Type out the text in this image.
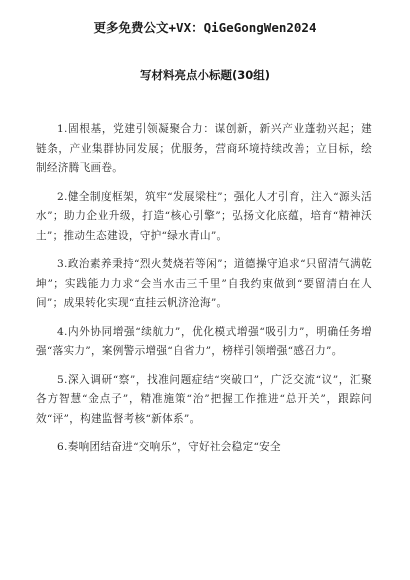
更多免费公文+VX：QiGeGongWen2024
写材料亮点小标题(30组)

1.固根基，党建引领凝聚合力：谋创新，新兴产业蓬勃兴起；建链条，产业集群协同发展；优服务，营商环境持续改善；立目标，绘制经济腾飞画卷。

2.健全制度框架，筑牢“发展梁柱”；强化人才引育，注入“源头活水”；助力企业升级，打造“核心引擎”；弘扬文化底蕴，培育“精神沃土”；推动生态建设，守护“绿水青山”。

3.政治素养秉持“烈火焚烧若等闲”；道德操守追求“只留清气满乾坤”；实践能力力求“会当水击三千里”自我约束做到“要留清白在人间”；成果转化实现“直挂云帆济沧海”。

4.内外协同增强“续航力”，优化模式增强“吸引力”，明确任务增强“落实力”，案例警示增强“自省力”，榜样引领增强“感召力”。

5.深入调研“察”，找准问题症结“突破口”，广泛交流“议”，汇聚各方智慧“金点子”，精准施策“治”把握工作推进“总开关”，跟踪问效“评”，构建监督考核“新体系”。

6.奏响团结奋进“交响乐”，守好社会稳定“安全
